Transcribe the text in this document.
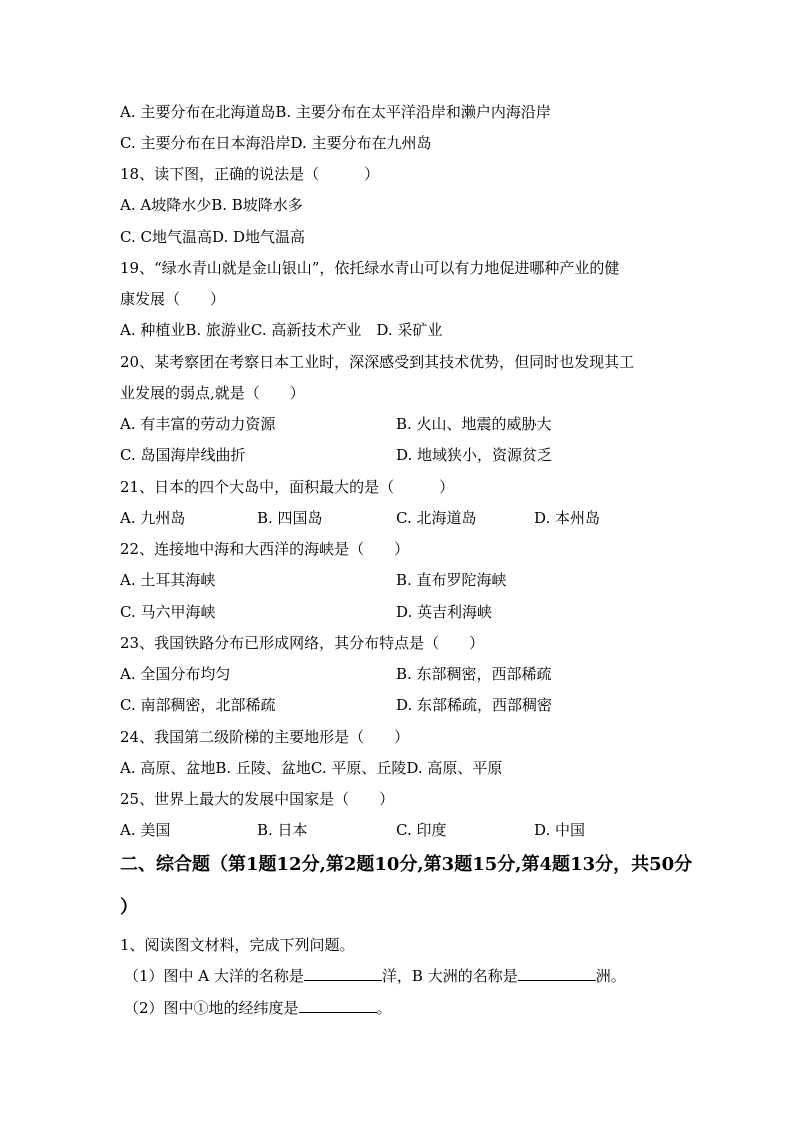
A. 主要分布在北海道岛B. 主要分布在太平洋沿岸和濑户内海沿岸
C. 主要分布在日本海沿岸D. 主要分布在九州岛
18、读下图，正确的说法是（　　　）
A. A坡降水少B. B坡降水多
C. C地气温高D. D地气温高
19、“绿水青山就是金山银山”，依托绿水青山可以有力地促进哪种产业的健
康发展（　　）
A. 种植业B. 旅游业C. 高新技术产业　D. 采矿业
20、某考察团在考察日本工业时，深深感受到其技术优势，但同时也发现其工
业发展的弱点,就是（　　）
A. 有丰富的劳动力资源	B. 火山、地震的威胁大
C. 岛国海岸线曲折	D. 地域狭小，资源贫乏
21、日本的四个大岛中，面积最大的是（　　　）
A. 九州岛	B. 四国岛	C. 北海道岛	D. 本州岛
22、连接地中海和大西洋的海峡是（　　）
A. 土耳其海峡	B. 直布罗陀海峡
C. 马六甲海峡	D. 英吉利海峡
23、我国铁路分布已形成网络，其分布特点是（　　）
A. 全国分布均匀	B. 东部稠密，西部稀疏
C. 南部稠密，北部稀疏	D. 东部稀疏，西部稠密
24、我国第二级阶梯的主要地形是（　　）
A. 高原、盆地B. 丘陵、盆地C. 平原、丘陵D. 高原、平原
25、世界上最大的发展中国家是（　　）
A. 美国	B. 日本	C. 印度	D. 中国
二、综合题（第1题12分,第2题10分,第3题15分,第4题13分，共50分
）
1、阅读图文材料，完成下列问题。
（1）图中 A 大洋的名称是	洋，B 大洲的名称是	洲。
（2）图中①地的经纬度是	。
